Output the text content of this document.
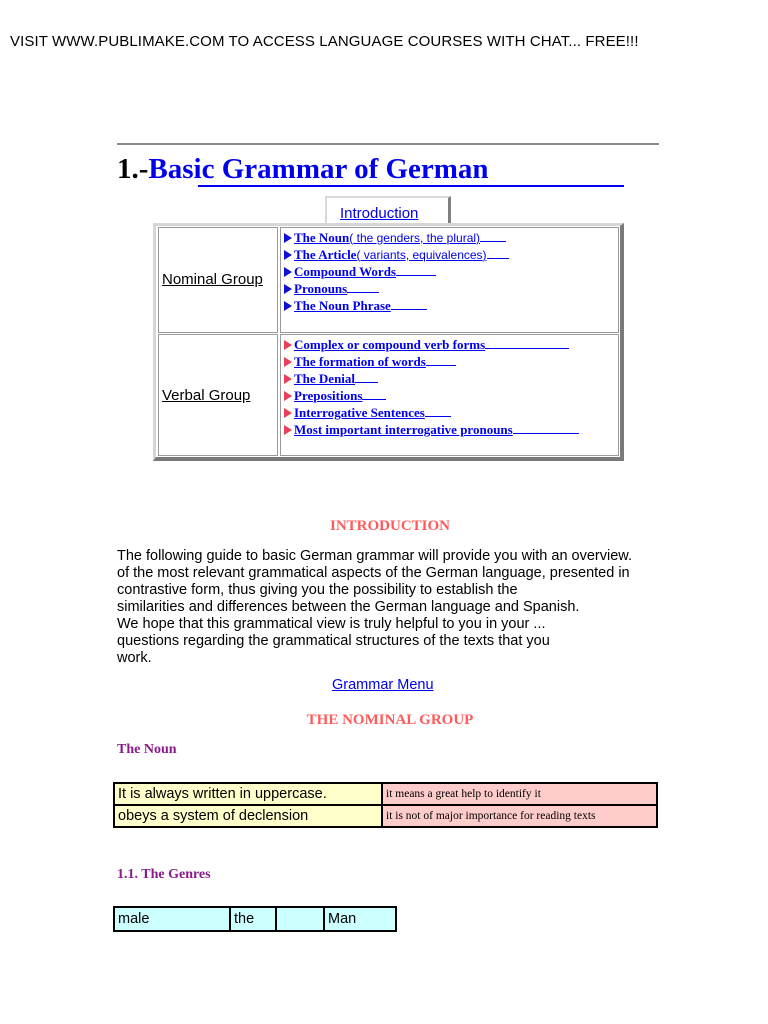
VISIT WWW.PUBLIMAKE.COM TO ACCESS LANGUAGE COURSES WITH CHAT... FREE!!!
1.-Basic Grammar of German
Introduction
Nominal Group
The Noun( the genders, the plural)
The Article( variants, equivalences)
Compound Words
Pronouns
The Noun Phrase
Verbal Group
Complex or compound verb forms
The formation of words
The Denial
Prepositions
Interrogative Sentences
Most important interrogative pronouns
INTRODUCTION
The following guide to basic German grammar will provide you with an overview.
of the most relevant grammatical aspects of the German language, presented in
contrastive form, thus giving you the possibility to establish the
similarities and differences between the German language and Spanish.
We hope that this grammatical view is truly helpful to you in your ...
questions regarding the grammatical structures of the texts that you
work.
Grammar Menu
THE NOMINAL GROUP
The Noun
It is always written in uppercase.	it means a great help to identify it
obeys a system of declension	it is not of major importance for reading texts
1.1. The Genres
male	the		Man
